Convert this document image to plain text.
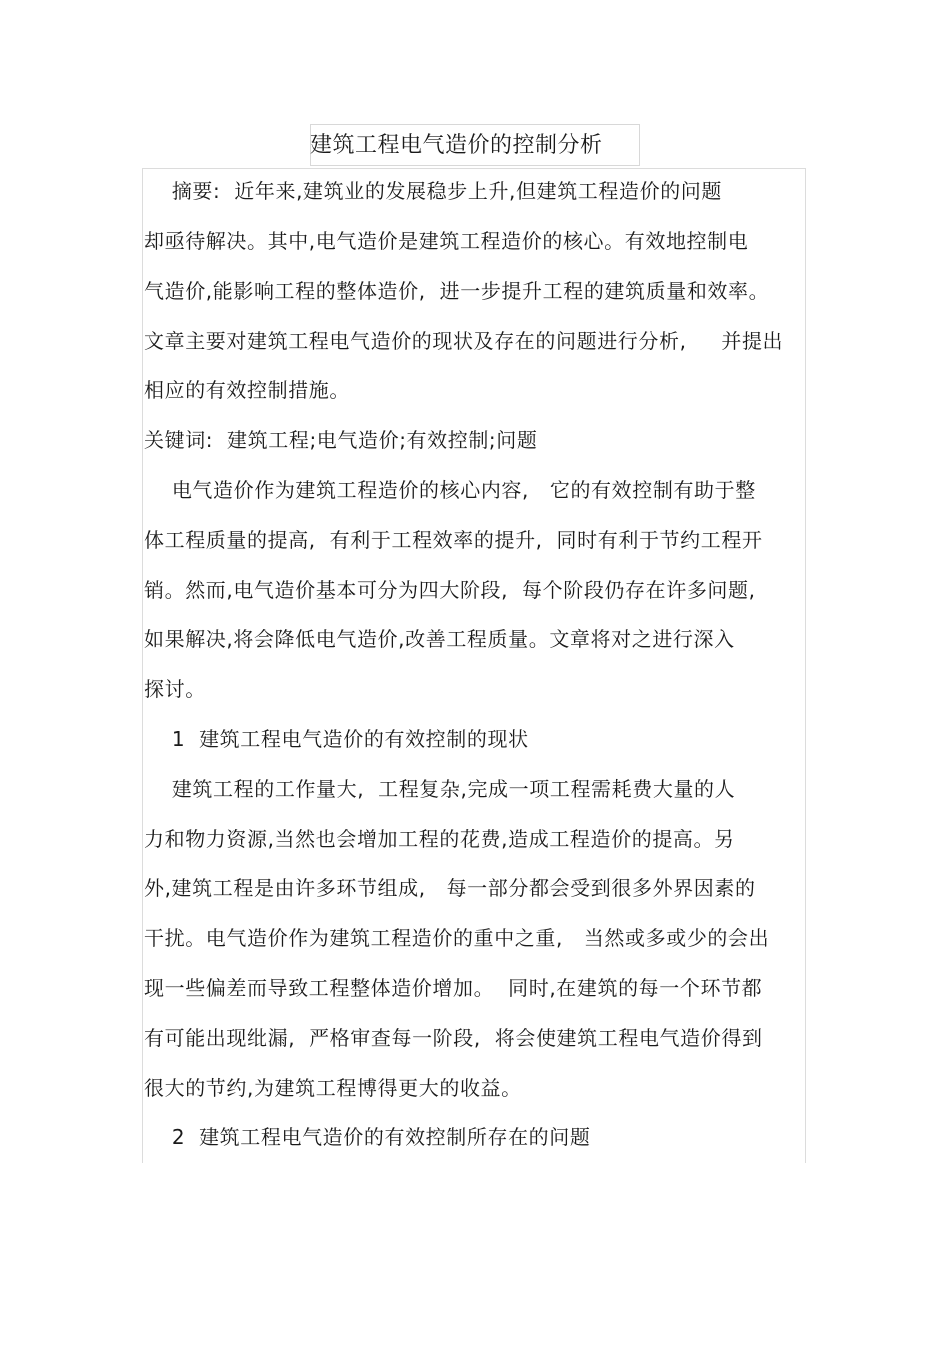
建筑工程电气造价的控制分析
摘要:  近年来,建筑业的发展稳步上升,但建筑工程造价的问题
却亟待解决。其中,电气造价是建筑工程造价的核心。有效地控制电
气造价,能影响工程的整体造价,  进一步提升工程的建筑质量和效率。
文章主要对建筑工程电气造价的现状及存在的问题进行分析,     并提出
相应的有效控制措施。
关键词:  建筑工程;电气造价;有效控制;问题
电气造价作为建筑工程造价的核心内容,   它的有效控制有助于整
体工程质量的提高,  有利于工程效率的提升,  同时有利于节约工程开
销。然而,电气造价基本可分为四大阶段,  每个阶段仍存在许多问题,
如果解决,将会降低电气造价,改善工程质量。文章将对之进行深入
探讨。
1  建筑工程电气造价的有效控制的现状
建筑工程的工作量大,  工程复杂,完成一项工程需耗费大量的人
力和物力资源,当然也会增加工程的花费,造成工程造价的提高。另
外,建筑工程是由许多环节组成,   每一部分都会受到很多外界因素的
干扰。电气造价作为建筑工程造价的重中之重,   当然或多或少的会出
现一些偏差而导致工程整体造价增加。  同时,在建筑的每一个环节都
有可能出现纰漏,  严格审查每一阶段,  将会使建筑工程电气造价得到
很大的节约,为建筑工程博得更大的收益。
2  建筑工程电气造价的有效控制所存在的问题
